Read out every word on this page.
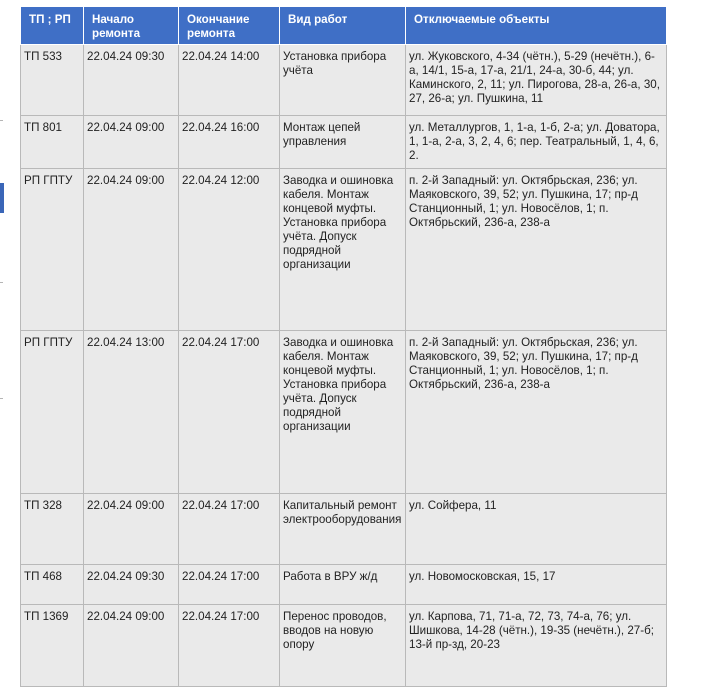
ТП ; РП	Начало ремонта	Окончание ремонта	Вид работ	Отключаемые объекты
ТП 533	22.04.24 09:30	22.04.24 14:00	Установка прибора учёта	ул. Жуковского, 4-34 (чётн.), 5-29 (нечётн.), 6-а, 14/1, 15-а, 17-а, 21/1, 24-а, 30-б, 44; ул. Каминского, 2, 11; ул. Пирогова, 28-а, 26-а, 30, 27, 26-а; ул. Пушкина, 11
ТП 801	22.04.24 09:00	22.04.24 16:00	Монтаж цепей управления	ул. Металлургов, 1, 1-а, 1-б, 2-а; ул. Доватора, 1, 1-а, 2-а, 3, 2, 4, 6; пер. Театральный, 1, 4, 6, 2.
РП ГПТУ	22.04.24 09:00	22.04.24 12:00	Заводка и ошиновка кабеля. Монтаж концевой муфты. Установка прибора учёта. Допуск подрядной организации	п. 2-й Западный: ул. Октябрьская, 236; ул. Маяковского, 39, 52; ул. Пушкина, 17; пр-д Станционный, 1; ул. Новосёлов, 1; п. Октябрьский, 236-а, 238-а
РП ГПТУ	22.04.24 13:00	22.04.24 17:00	Заводка и ошиновка кабеля. Монтаж концевой муфты. Установка прибора учёта. Допуск подрядной организации	п. 2-й Западный: ул. Октябрьская, 236; ул. Маяковского, 39, 52; ул. Пушкина, 17; пр-д Станционный, 1; ул. Новосёлов, 1; п. Октябрьский, 236-а, 238-а
ТП 328	22.04.24 09:00	22.04.24 17:00	Капитальный ремонт электрооборудования	ул. Сойфера, 11
ТП 468	22.04.24 09:30	22.04.24 17:00	Работа в ВРУ ж/д	ул. Новомосковская, 15, 17
ТП 1369	22.04.24 09:00	22.04.24 17:00	Перенос проводов, вводов на новую опору	ул. Карпова, 71, 71-а, 72, 73, 74-а, 76; ул. Шишкова, 14-28 (чётн.), 19-35 (нечётн.), 27-б; 13-й пр-зд, 20-23
